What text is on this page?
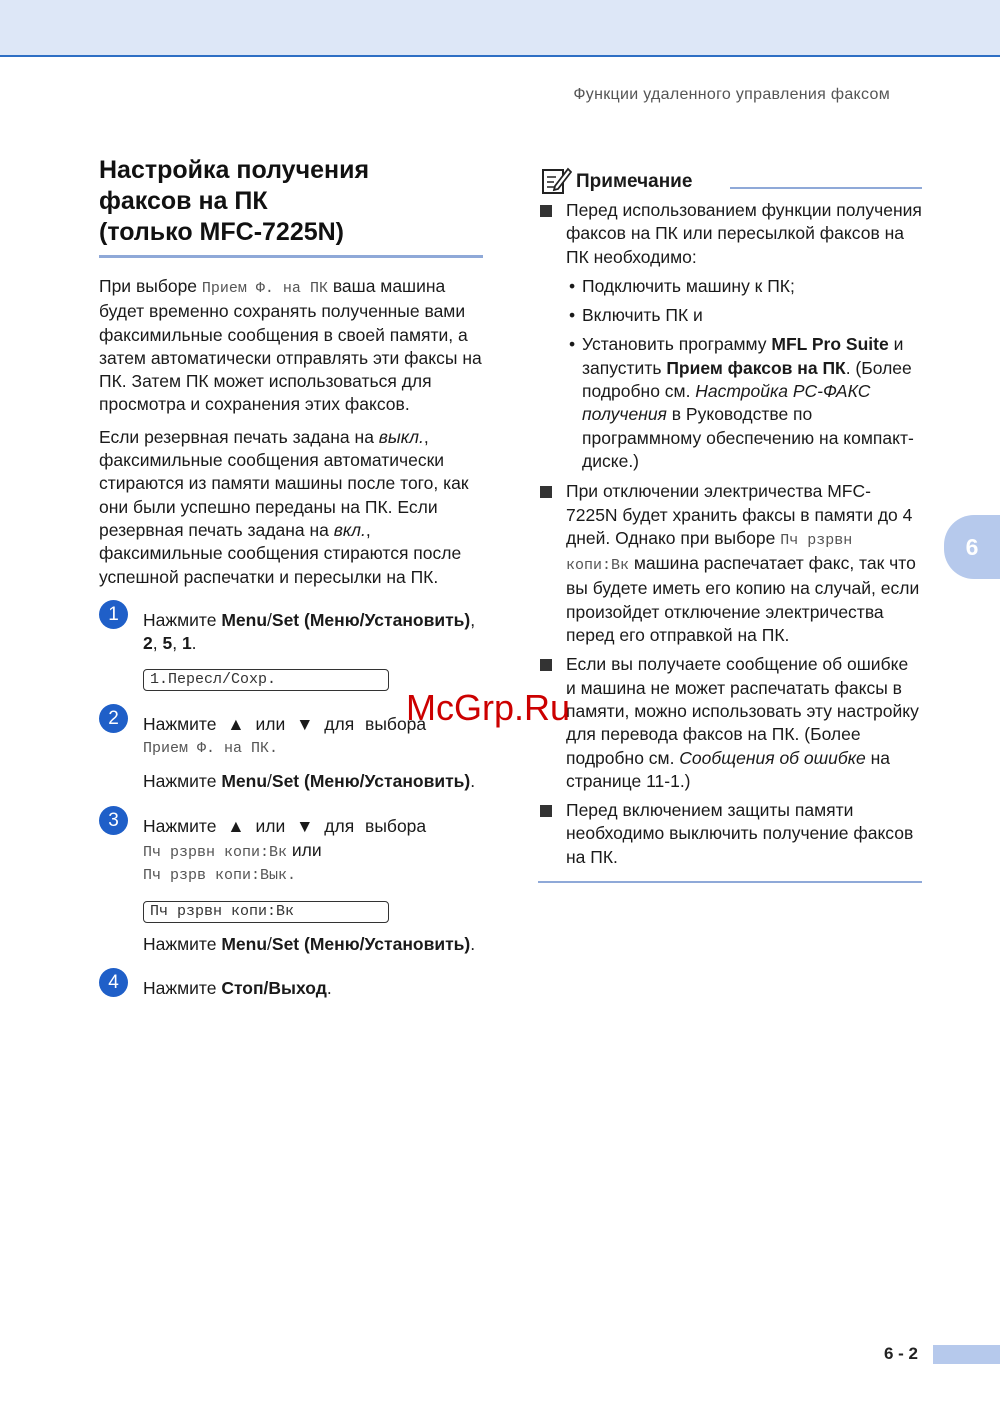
Функции удаленного управления факсом
Настройка получения
факсов на ПК
(только MFC-7225N)

При выборе Прием Ф. на ПК ваша машина будет временно сохранять полученные вами факсимильные сообщения в своей памяти, а затем автоматически отправлять эти факсы на ПК. Затем ПК может использоваться для просмотра и сохранения этих факсов.

Если резервная печать задана на выкл., факсимильные сообщения автоматически стираются из памяти машины после того, как они были успешно переданы на ПК. Если резервная печать задана на вкл., факсимильные сообщения стираются после успешной распечатки и пересылки на ПК.

1	Нажмите Menu/Set (Меню/Установить), 2, 5, 1.
1.Пересл/Сохр.
2	Нажмите ▲ или ▼ для выбора
Прием Ф. на ПК.
Нажмите Menu/Set (Меню/Установить).
3	Нажмите ▲ или ▼ для выбора
Пч рзрвн копи:Вк или
Пч рзрв копи:Вык.
Пч рзрвн копи:Вк
Нажмите Menu/Set (Меню/Установить).
4	Нажмите Стоп/Выход.
Примечание
Перед использованием функции получения факсов на ПК или пересылкой факсов на ПК необходимо:
• Подключить машину к ПК;
• Включить ПК и
• Установить программу MFL Pro Suite и запустить Прием факсов на ПК. (Более подробно см. Настройка PC-ФАКС получения в Руководстве по программному обеспечению на компакт-диске.)
При отключении электричества MFC-7225N будет хранить факсы в памяти до 4 дней. Однако при выборе Пч рзрвн копи:Вк машина распечатает факс, так что вы будете иметь его копию на случай, если произойдет отключение электричества перед его отправкой на ПК.
Если вы получаете сообщение об ошибке и машина не может распечатать факсы в памяти, можно использовать эту настройку для перевода факсов на ПК. (Более подробно см. Сообщения об ошибке на странице 11-1.)
Перед включением защиты памяти необходимо выключить получение факсов на ПК.
6
6 - 2
McGrp.Ru
